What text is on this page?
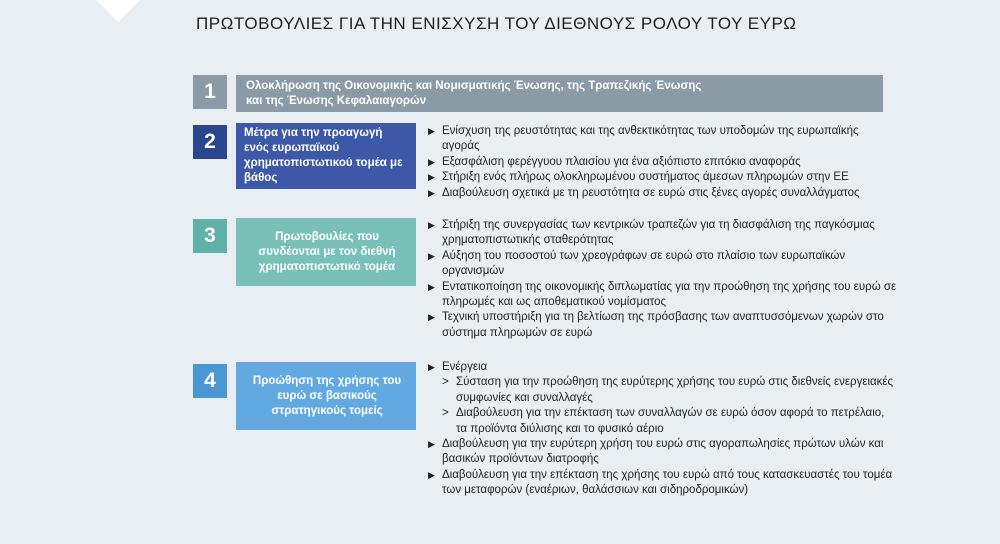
ΠΡΩΤΟΒΟΥΛΙΕΣ ΓΙΑ ΤΗΝ ΕΝΙΣΧΥΣΗ ΤΟΥ ΔΙΕΘΝΟΥΣ ΡΟΛΟΥ ΤΟΥ ΕΥΡΩ
1	Ολοκλήρωση της Οικονομικής και Νομισματικής Ένωσης, της Τραπεζικής Ένωσης
και της Ένωσης Κεφαλαιαγορών
2	Μέτρα για την προαγωγή ενός ευρωπαϊκού χρηματοπιστωτικού τομέα με βάθος
▶ Ενίσχυση της ρευστότητας και της ανθεκτικότητας των υποδομών της ευρωπαϊκής αγοράς
▶ Εξασφάλιση φερέγγυου πλαισίου για ένα αξιόπιστο επιτόκιο αναφοράς
▶ Στήριξη ενός πλήρως ολοκληρωμένου συστήματος άμεσων πληρωμών στην ΕΕ
▶ Διαβούλευση σχετικά με τη ρευστότητα σε ευρώ στις ξένες αγορές συναλλάγματος
3	Πρωτοβουλίες που συνδέονται με τον διεθνή χρηματοπιστωτικό τομέα
▶ Στήριξη της συνεργασίας των κεντρικών τραπεζών για τη διασφάλιση της παγκόσμιας χρηματοπιστωτικής σταθερότητας
▶ Αύξηση του ποσοστού των χρεογράφων σε ευρώ στο πλαίσιο των ευρωπαϊκών οργανισμών
▶ Εντατικοποίηση της οικονομικής διπλωματίας για την προώθηση της χρήσης του ευρώ σε πληρωμές και ως αποθεματικού νομίσματος
▶ Τεχνική υποστήριξη για τη βελτίωση της πρόσβασης των αναπτυσσόμενων χωρών στο σύστημα πληρωμών σε ευρώ
4	Προώθηση της χρήσης του ευρώ σε βασικούς στρατηγικούς τομείς
▶ Ενέργεια
> Σύσταση για την προώθηση της ευρύτερης χρήσης του ευρώ στις διεθνείς ενεργειακές συμφωνίες και συναλλαγές
> Διαβούλευση για την επέκταση των συναλλαγών σε ευρώ όσον αφορά το πετρέλαιο, τα προϊόντα διύλισης και το φυσικό αέριο
▶ Διαβούλευση για την ευρύτερη χρήση του ευρώ στις αγοραπωλησίες πρώτων υλών και βασικών προϊόντων διατροφής
▶ Διαβούλευση για την επέκταση της χρήσης του ευρώ από τους κατασκευαστές του τομέα των μεταφορών (εναέριων, θαλάσσιων και σιδηροδρομικών)
